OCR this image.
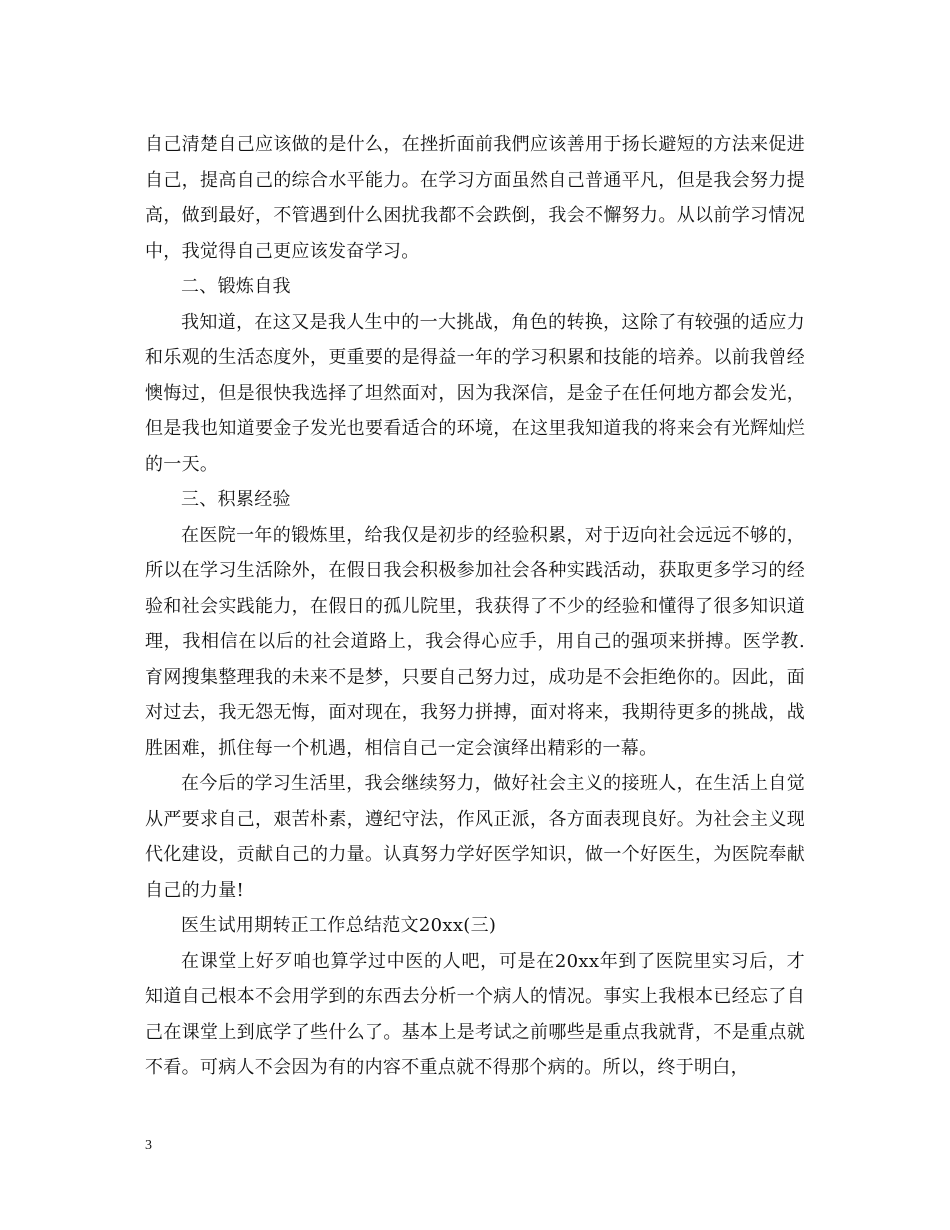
自己清楚自己应该做的是什么，在挫折面前我們应该善用于扬长避短的方法来促进自己，提高自己的综合水平能力。在学习方面虽然自己普通平凡，但是我会努力提高，做到最好，不管遇到什么困扰我都不会跌倒，我会不懈努力。从以前学习情况中，我觉得自己更应该发奋学习。

二、锻炼自我

我知道，在这又是我人生中的一大挑战，角色的转换，这除了有较强的适应力和乐观的生活态度外，更重要的是得益一年的学习积累和技能的培养。以前我曾经懊悔过，但是很快我选择了坦然面对，因为我深信，是金子在任何地方都会发光，但是我也知道要金子发光也要看适合的环境，在这里我知道我的将来会有光辉灿烂的一天。

三、积累经验

在医院一年的锻炼里，给我仅是初步的经验积累，对于迈向社会远远不够的，所以在学习生活除外，在假日我会积极参加社会各种实践活动，获取更多学习的经验和社会实践能力，在假日的孤儿院里，我获得了不少的经验和懂得了很多知识道理，我相信在以后的社会道路上，我会得心应手，用自己的强项来拼搏。医学教.育网搜集整理我的未来不是梦，只要自己努力过，成功是不会拒绝你的。因此，面对过去，我无怨无悔，面对现在，我努力拼搏，面对将来，我期待更多的挑战，战胜困难，抓住每一个机遇，相信自己一定会演绎出精彩的一幕。

在今后的学习生活里，我会继续努力，做好社会主义的接班人，在生活上自觉从严要求自己，艰苦朴素，遵纪守法，作风正派，各方面表现良好。为社会主义现代化建设，贡献自己的力量。认真努力学好医学知识，做一个好医生，为医院奉献自己的力量!

医生试用期转正工作总结范文20xx(三)

在课堂上好歹咱也算学过中医的人吧，可是在20xx年到了医院里实习后，才知道自己根本不会用学到的东西去分析一个病人的情况。事实上我根本已经忘了自己在课堂上到底学了些什么了。基本上是考试之前哪些是重点我就背，不是重点就不看。可病人不会因为有的内容不重点就不得那个病的。所以，终于明白，

3
